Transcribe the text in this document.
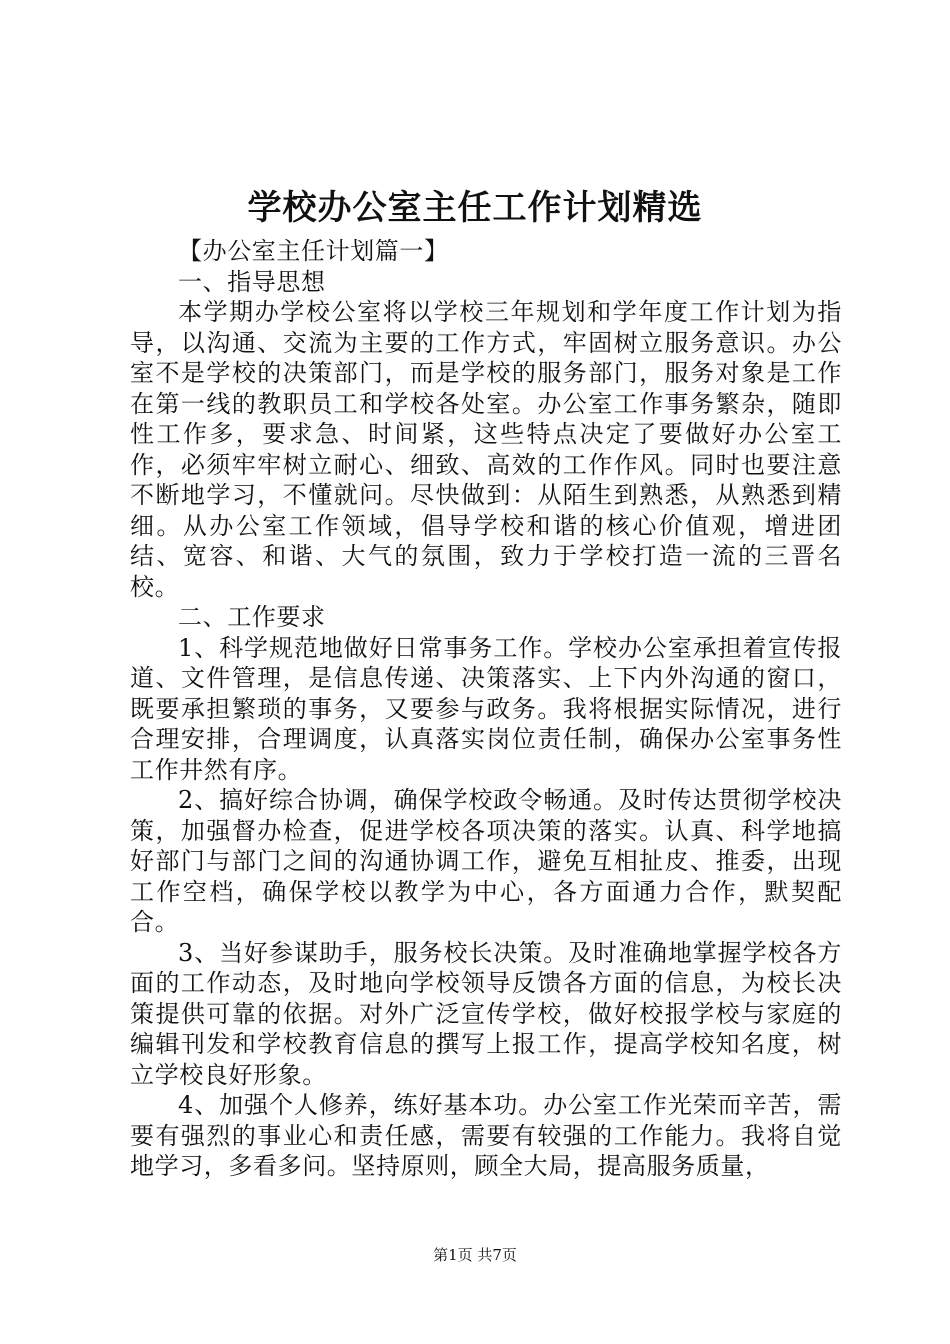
学校办公室主任工作计划精选

【办公室主任计划篇一】

一、指导思想

本学期办学校公室将以学校三年规划和学年度工作计划为指导，以沟通、交流为主要的工作方式，牢固树立服务意识。办公室不是学校的决策部门，而是学校的服务部门，服务对象是工作在第一线的教职员工和学校各处室。办公室工作事务繁杂，随即性工作多，要求急、时间紧，这些特点决定了要做好办公室工作，必须牢牢树立耐心、细致、高效的工作作风。同时也要注意不断地学习，不懂就问。尽快做到：从陌生到熟悉，从熟悉到精细。从办公室工作领域，倡导学校和谐的核心价值观，增进团结、宽容、和谐、大气的氛围，致力于学校打造一流的三晋名校。

二、工作要求

1、科学规范地做好日常事务工作。学校办公室承担着宣传报道、文件管理，是信息传递、决策落实、上下内外沟通的窗口，既要承担繁琐的事务，又要参与政务。我将根据实际情况，进行合理安排，合理调度，认真落实岗位责任制，确保办公室事务性工作井然有序。

2、搞好综合协调，确保学校政令畅通。及时传达贯彻学校决策，加强督办检查，促进学校各项决策的落实。认真、科学地搞好部门与部门之间的沟通协调工作，避免互相扯皮、推委，出现工作空档，确保学校以教学为中心，各方面通力合作，默契配合。

3、当好参谋助手，服务校长决策。及时准确地掌握学校各方面的工作动态，及时地向学校领导反馈各方面的信息，为校长决策提供可靠的依据。对外广泛宣传学校，做好校报学校与家庭的编辑刊发和学校教育信息的撰写上报工作，提高学校知名度，树立学校良好形象。

4、加强个人修养，练好基本功。办公室工作光荣而辛苦，需要有强烈的事业心和责任感，需要有较强的工作能力。我将自觉地学习，多看多问。坚持原则，顾全大局，提高服务质量，

第1页 共7页
